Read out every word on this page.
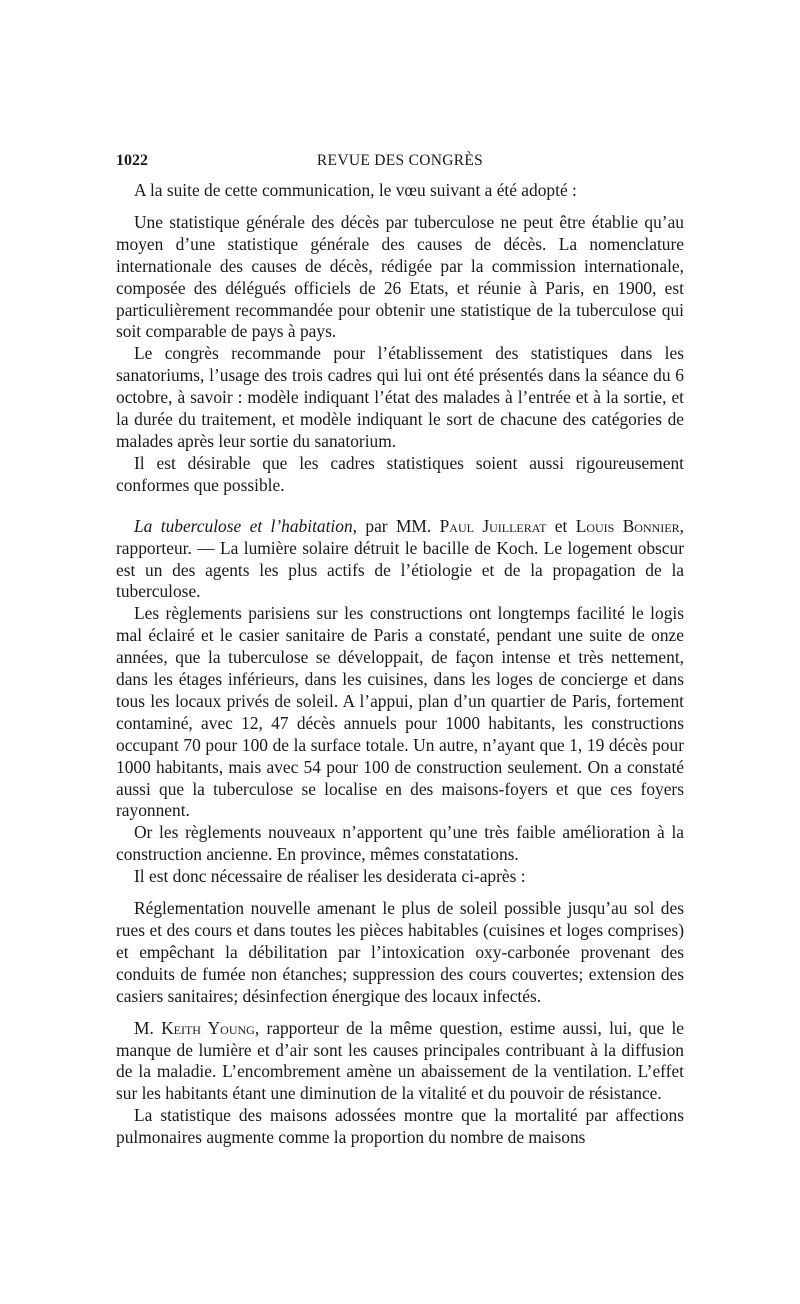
1022	REVUE DES CONGRÈS

A la suite de cette communication, le vœu suivant a été adopté :

Une statistique générale des décès par tuberculose ne peut être établie qu’au moyen d’une statistique générale des causes de décès. La nomenclature internationale des causes de décès, rédigée par la commission internationale, composée des délégués officiels de 26 Etats, et réunie à Paris, en 1900, est particulièrement recommandée pour obtenir une statistique de la tuberculose qui soit comparable de pays à pays.

Le congrès recommande pour l’établissement des statistiques dans les sanatoriums, l’usage des trois cadres qui lui ont été présentés dans la séance du 6 octobre, à savoir : modèle indiquant l’état des malades à l’entrée et à la sortie, et la durée du traitement, et modèle indiquant le sort de chacune des catégories de malades après leur sortie du sanatorium.

Il est désirable que les cadres statistiques soient aussi rigoureusement conformes que possible.

La tuberculose et l’habitation, par MM. Paul Juillerat et Louis Bonnier, rapporteur. — La lumière solaire détruit le bacille de Koch. Le logement obscur est un des agents les plus actifs de l’étiologie et de la propagation de la tuberculose.

Les règlements parisiens sur les constructions ont longtemps facilité le logis mal éclairé et le casier sanitaire de Paris a constaté, pendant une suite de onze années, que la tuberculose se développait, de façon intense et très nettement, dans les étages inférieurs, dans les cuisines, dans les loges de concierge et dans tous les locaux privés de soleil. A l’appui, plan d’un quartier de Paris, fortement contaminé, avec 12, 47 décès annuels pour 1000 habitants, les constructions occupant 70 pour 100 de la surface totale. Un autre, n’ayant que 1, 19 décès pour 1000 habitants, mais avec 54 pour 100 de construction seulement. On a constaté aussi que la tuberculose se localise en des maisons-foyers et que ces foyers rayonnent.

Or les règlements nouveaux n’apportent qu’une très faible amélioration à la construction ancienne. En province, mêmes constatations.

Il est donc nécessaire de réaliser les desiderata ci-après :

Réglementation nouvelle amenant le plus de soleil possible jusqu’au sol des rues et des cours et dans toutes les pièces habitables (cuisines et loges comprises) et empêchant la débilitation par l’intoxication oxy-carbonée provenant des conduits de fumée non étanches; suppression des cours couvertes; extension des casiers sanitaires; désinfection énergique des locaux infectés.

M. Keith Young, rapporteur de la même question, estime aussi, lui, que le manque de lumière et d’air sont les causes principales contribuant à la diffusion de la maladie. L’encombrement amène un abaissement de la ventilation. L’effet sur les habitants étant une diminution de la vitalité et du pouvoir de résistance.

La statistique des maisons adossées montre que la mortalité par affections pulmonaires augmente comme la proportion du nombre de maisons
